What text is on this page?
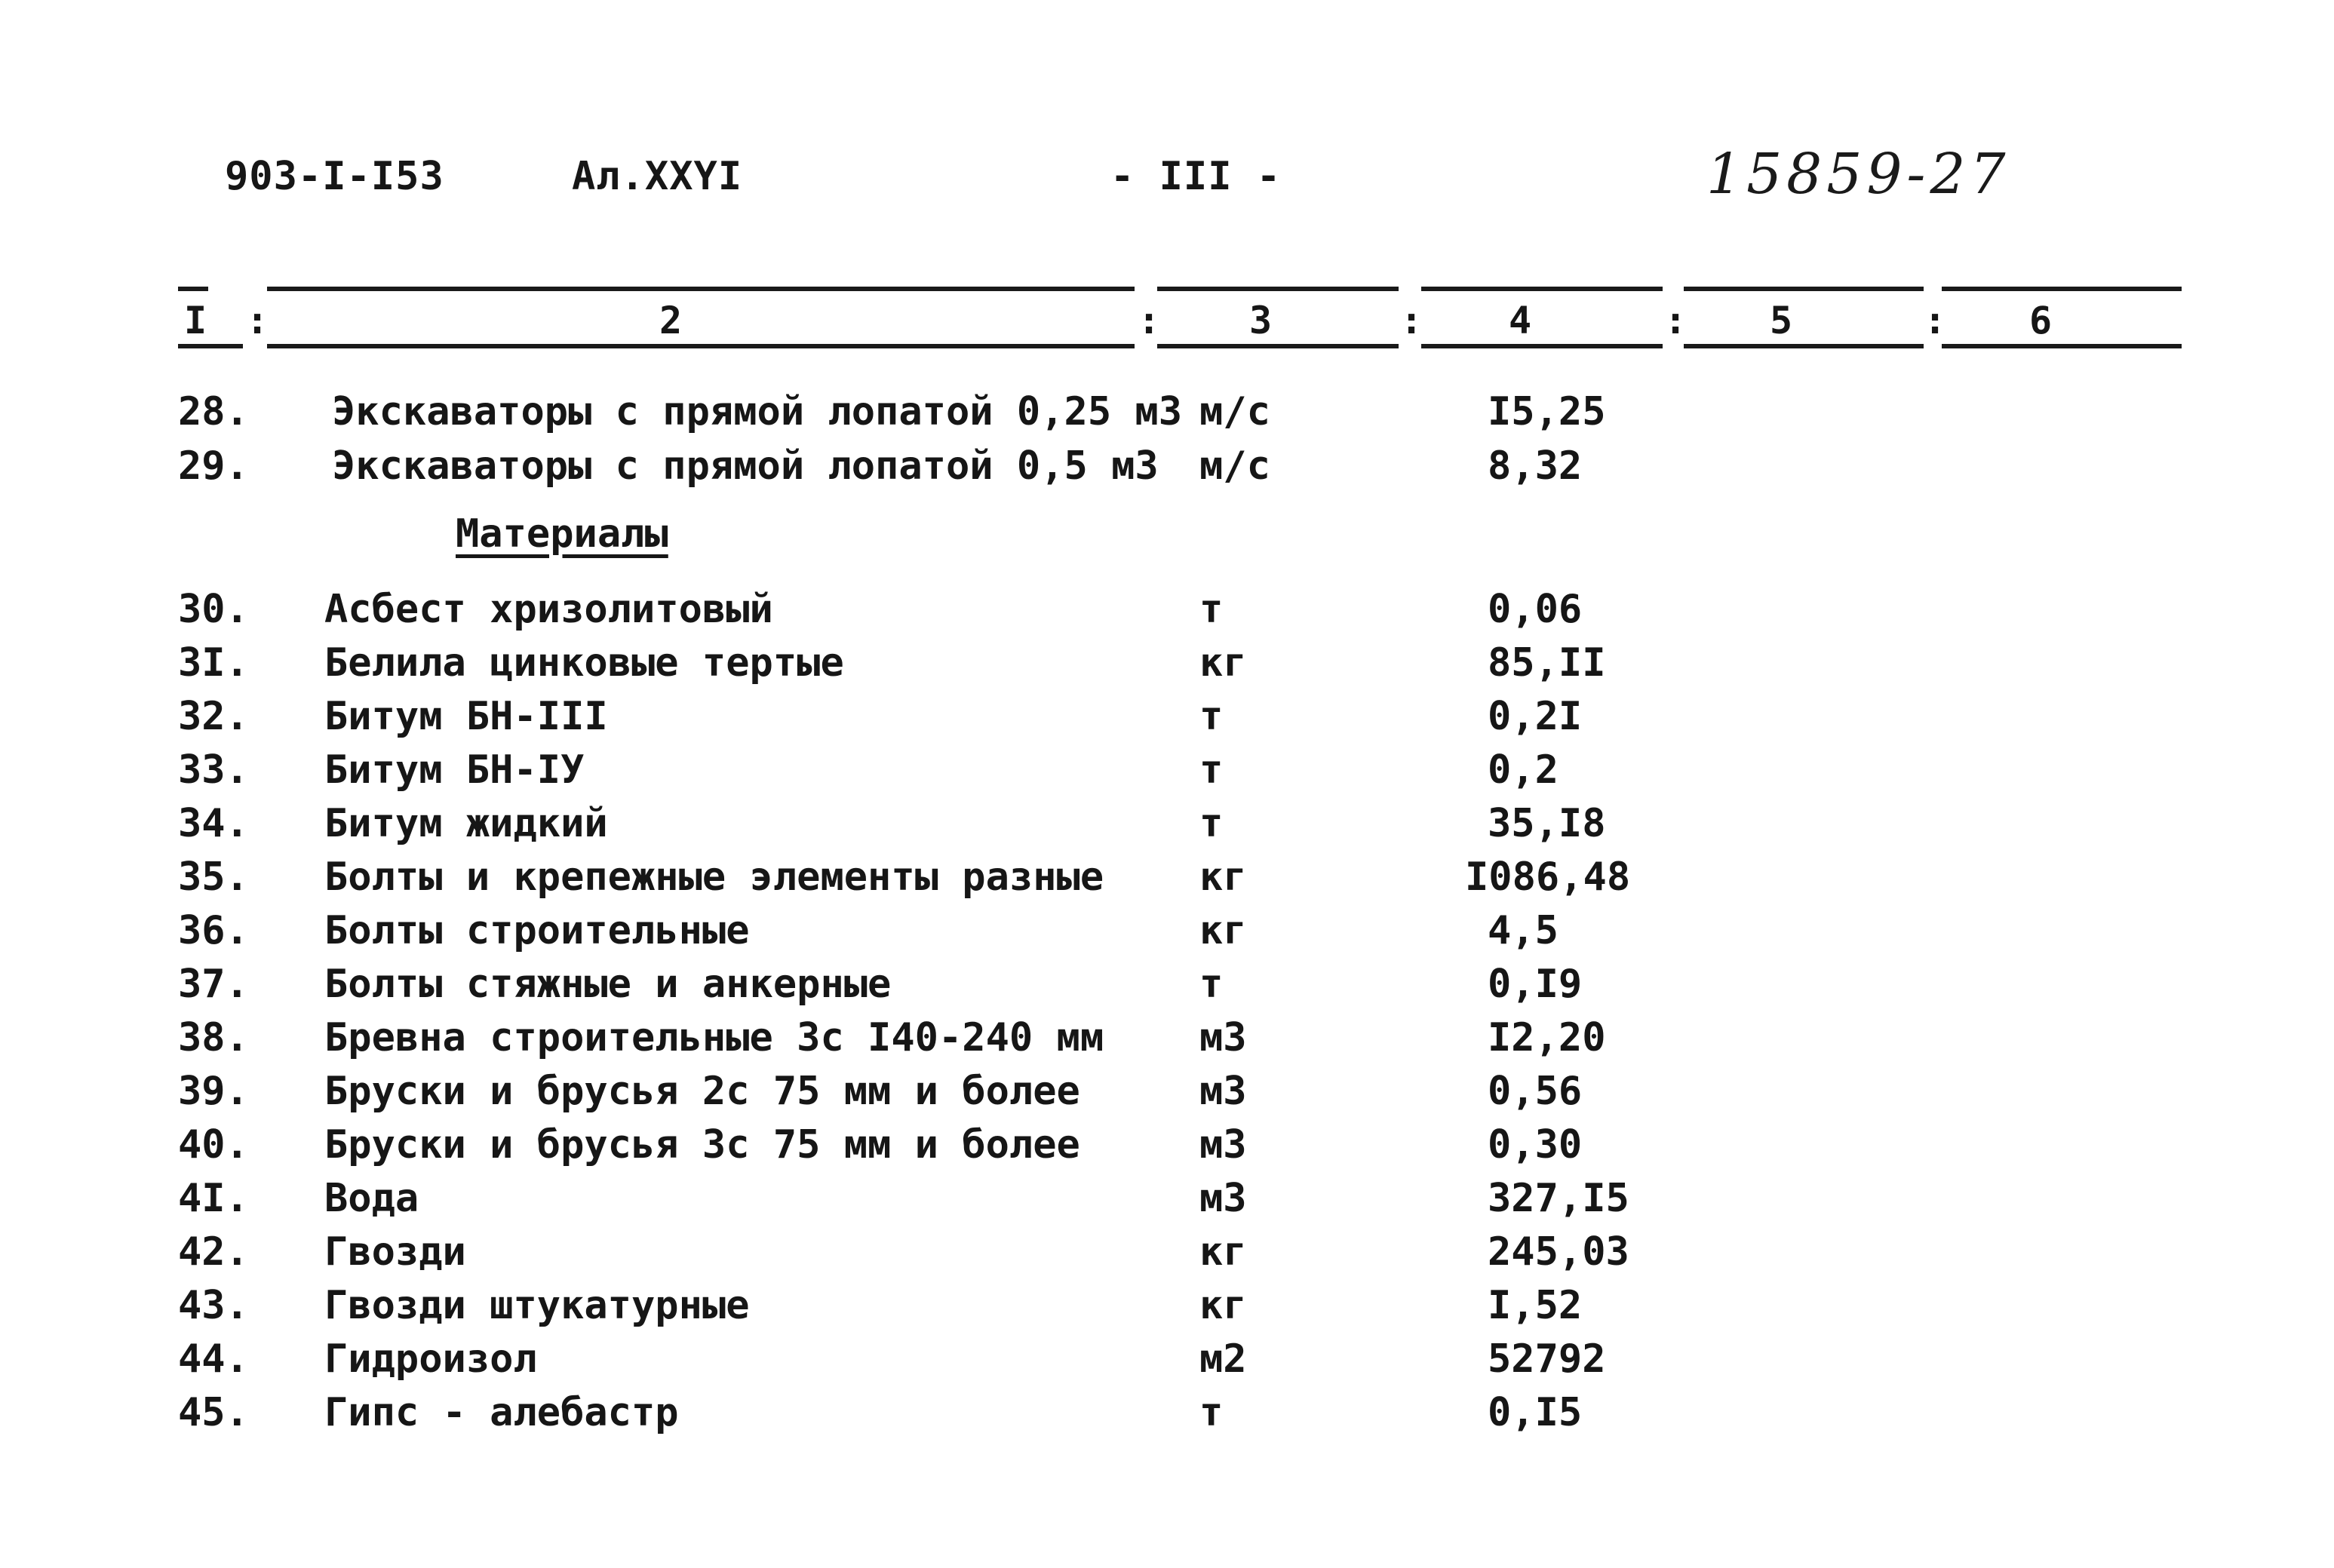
903-I-I53	Ал.XXYI	- III -	15859-27
I :	2	: 3	: 4	: 5	: 6
28. Экскаваторы с прямой лопатой 0,25 м3 м/с	I5,25
29. Экскаваторы с прямой лопатой 0,5 м3 м/с	8,32
Материалы
30. Асбест хризолитовый	т	0,06
3I. Белила цинковые тертые	кг	85,II
32. Битум БН-III	т	0,2I
33. Битум БН-IУ	т	0,2
34. Битум жидкий	т	35,I8
35. Болты и крепежные элементы разные кг	I086,48
36. Болты строительные	кг	4,5
37. Болты стяжные и анкерные	т	0,I9
38. Бревна строительные 3с I40-240 мм м3	I2,20
39. Бруски и брусья 2с 75 мм и более	м3	0,56
40. Бруски и брусья 3с 75 мм и более	м3	0,30
4I. Вода	м3	327,I5
42. Гвозди	кг	245,03
43. Гвозди штукатурные	кг	I,52
44. Гидроизол	м2	52792
45. Гипс - алебастр	т	0,I5
